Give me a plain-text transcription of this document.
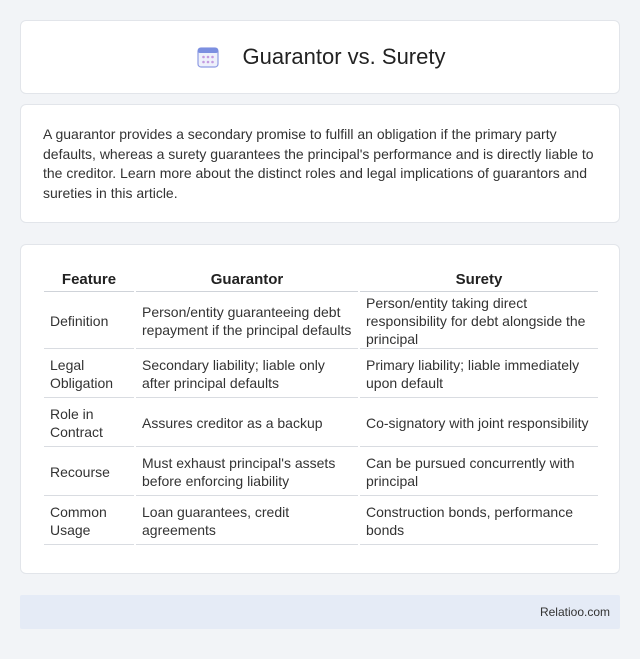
Guarantor vs. Surety

A guarantor provides a secondary promise to fulfill an obligation if the primary party defaults, whereas a surety guarantees the principal's performance and is directly liable to the creditor. Learn more about the distinct roles and legal implications of guarantors and sureties in this article.

Feature	Guarantor	Surety
Definition	Person/entity guaranteeing debt repayment if the principal defaults	Person/entity taking direct responsibility for debt alongside the principal
Legal Obligation	Secondary liability; liable only after principal defaults	Primary liability; liable immediately upon default
Role in Contract	Assures creditor as a backup	Co-signatory with joint responsibility
Recourse	Must exhaust principal's assets before enforcing liability	Can be pursued concurrently with principal
Common Usage	Loan guarantees, credit agreements	Construction bonds, performance bonds
Relatioo.com
